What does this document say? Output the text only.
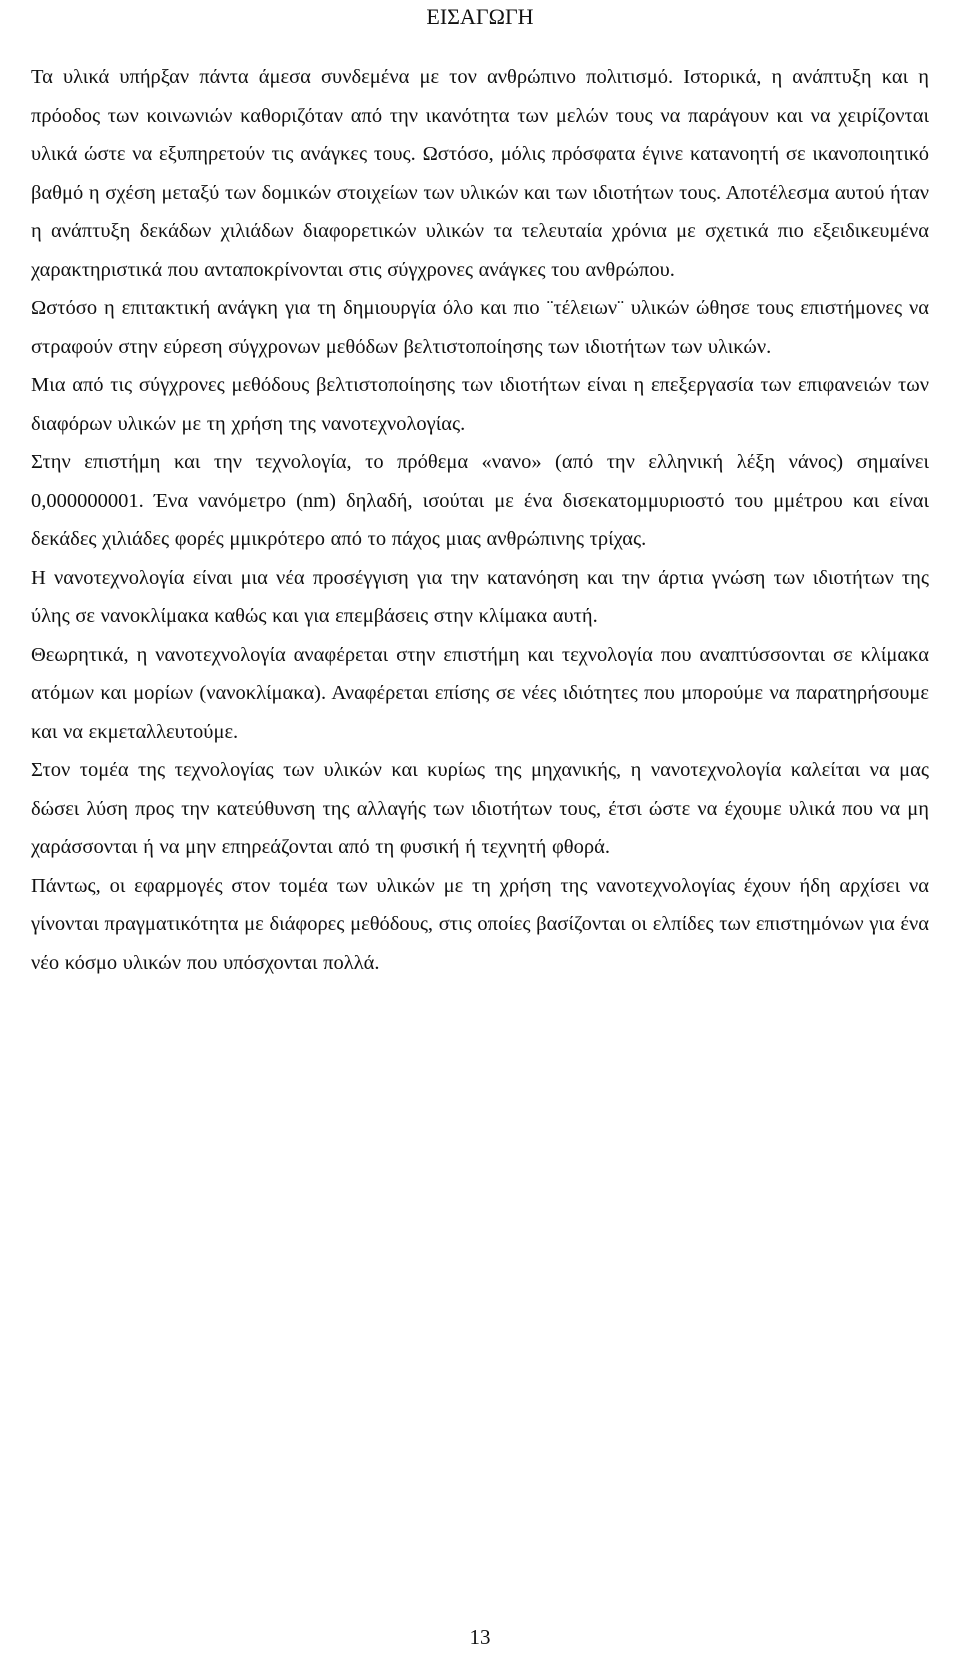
ΕΙΣΑΓΩΓΗ

Τα υλικά υπήρξαν πάντα άμεσα συνδεμένα με τον ανθρώπινο πολιτισμό. Ιστορικά, η ανάπτυξη και η πρόοδος των κοινωνιών καθοριζόταν από την ικανότητα των μελών τους να παράγουν και να χειρίζονται υλικά ώστε να εξυπηρετούν τις ανάγκες τους. Ωστόσο, μόλις πρόσφατα έγινε κατανοητή σε ικανοποιητικό βαθμό η σχέση μεταξύ των δομικών στοιχείων των υλικών και των ιδιοτήτων τους. Αποτέλεσμα αυτού ήταν η ανάπτυξη δεκάδων χιλιάδων διαφορετικών υλικών τα τελευταία χρόνια με σχετικά πιο εξειδικευμένα χαρακτηριστικά που ανταποκρίνονται στις σύγχρονες ανάγκες του ανθρώπου.

Ωστόσο η επιτακτική ανάγκη για τη δημιουργία όλο και πιο ¨τέλειων¨ υλικών ώθησε τους επιστήμονες να στραφούν στην εύρεση σύγχρονων μεθόδων βελτιστοποίησης των ιδιοτήτων των υλικών.

Μια από τις σύγχρονες μεθόδους βελτιστοποίησης των ιδιοτήτων είναι η επεξεργασία των επιφανειών των διαφόρων υλικών με τη χρήση της νανοτεχνολογίας.

Στην επιστήμη και την τεχνολογία, το πρόθεμα «νανο» (από την ελληνική λέξη νάνος) σημαίνει 0,000000001. Ένα νανόμετρο (nm) δηλαδή, ισούται με ένα δισεκατομμυριοστό του μμέτρου και είναι δεκάδες χιλιάδες φορές μμικρότερο από το πάχος μιας ανθρώπινης τρίχας.

Η νανοτεχνολογία είναι μια νέα προσέγγιση για την κατανόηση και την άρτια γνώση των ιδιοτήτων της ύλης σε νανοκλίμακα καθώς και για επεμβάσεις στην κλίμακα αυτή.

Θεωρητικά, η νανοτεχνολογία αναφέρεται στην επιστήμη και τεχνολογία που αναπτύσσονται σε κλίμακα ατόμων και μορίων (νανοκλίμακα). Αναφέρεται επίσης σε νέες ιδιότητες που μπορούμε να παρατηρήσουμε και να εκμεταλλευτούμε.

Στον τομέα της τεχνολογίας των υλικών και κυρίως της μηχανικής, η νανοτεχνολογία καλείται να μας δώσει λύση προς την κατεύθυνση της αλλαγής των ιδιοτήτων τους, έτσι ώστε να έχουμε υλικά που να μη χαράσσονται ή να μην επηρεάζονται από τη φυσική ή τεχνητή φθορά.

Πάντως, οι εφαρμογές στον τομέα των υλικών με τη χρήση της νανοτεχνολογίας έχουν ήδη αρχίσει να γίνονται πραγματικότητα με διάφορες μεθόδους, στις οποίες βασίζονται οι ελπίδες των επιστημόνων για ένα νέο κόσμο υλικών που υπόσχονται πολλά.

13
